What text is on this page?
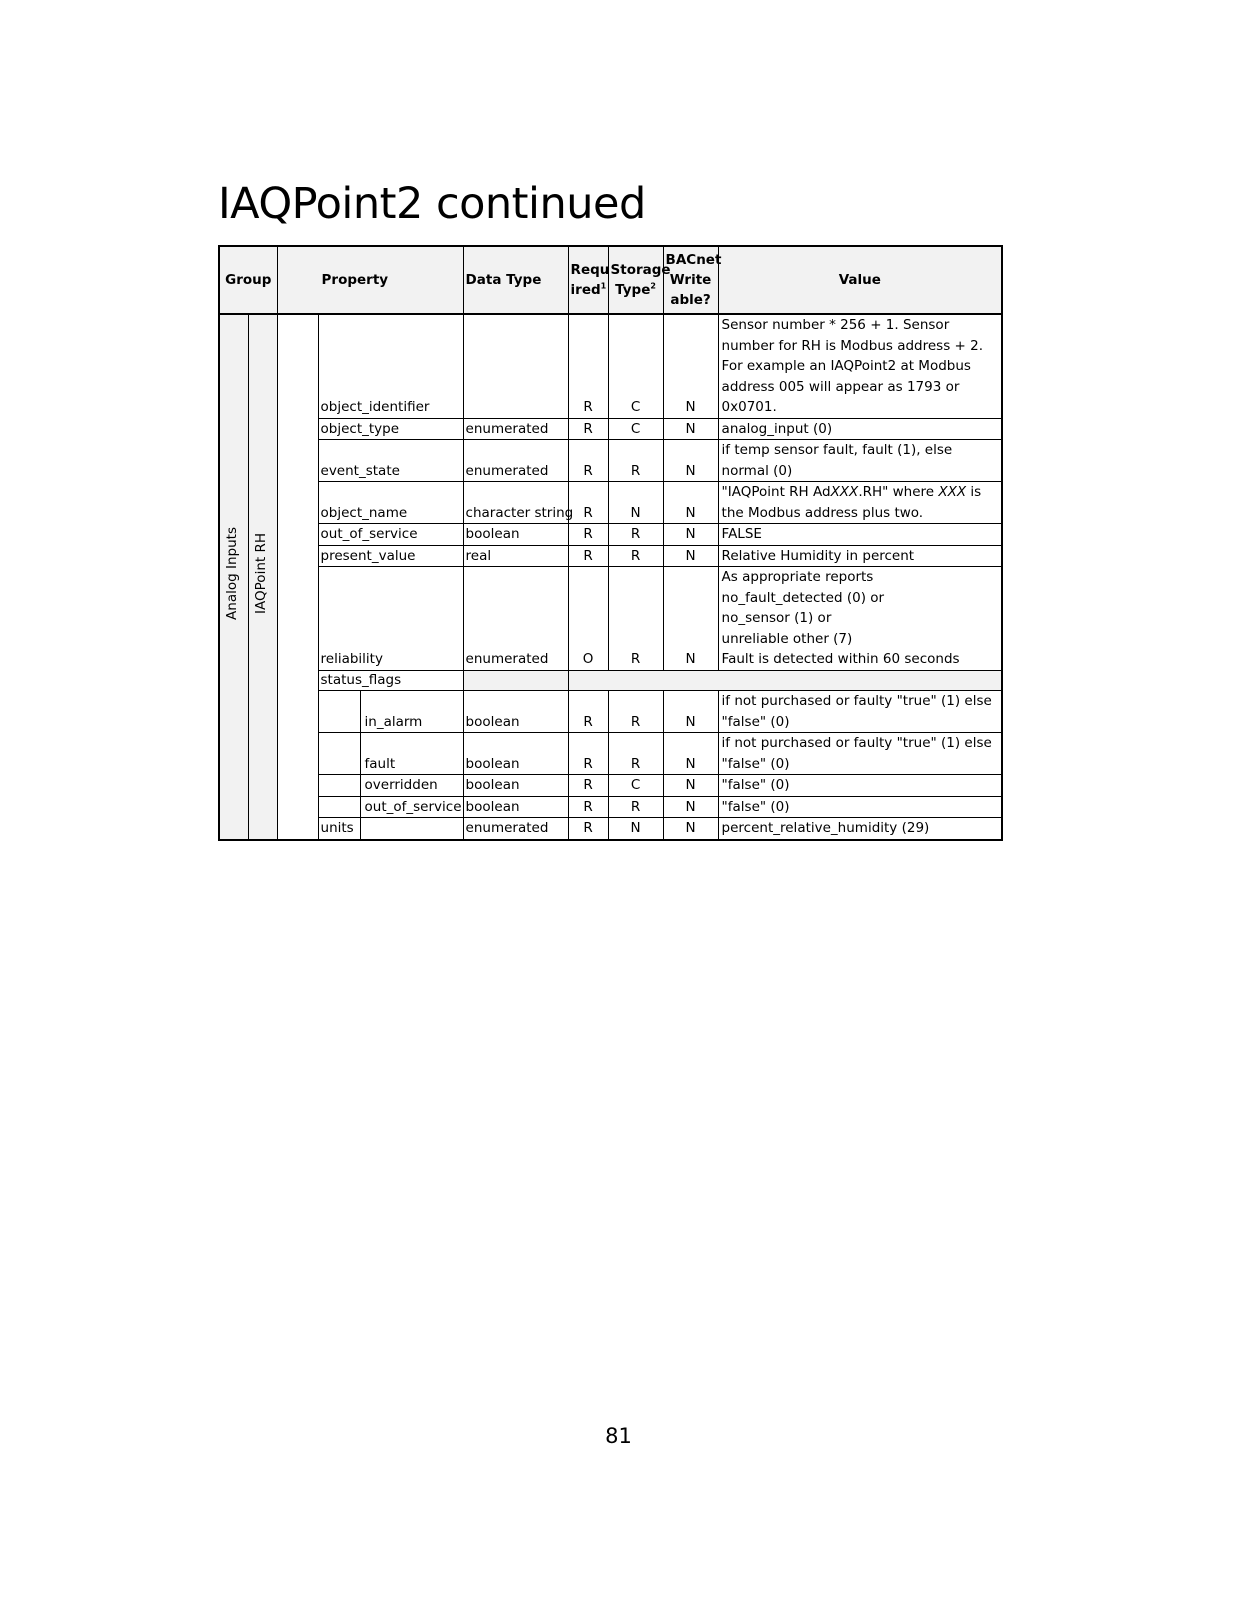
IAQPoint2 continued
Group		Property			Data Type	Requ ired$^1$	Storage Type$^2$	BACnet Write able?	Value
Analog Inputs	IAQPoint RH		object_identifier			R	C	N	Sensor number * 256 + 1. Sensor number for RH is Modbus address + 2. For example an IAQPoint2 at Modbus address 005 will appear as 1793 or 0x0701.
			object_type		enumerated	R	C	N	analog_input (0)
			event_state		enumerated	R	R	N	if temp sensor fault, fault (1), else normal (0)
			object_name		character string	R	N	N	"IAQPoint RH AdXXX.RH" where XXX is the Modbus address plus two.
			out_of_service		boolean	R	R	N	FALSE
			present_value		real	R	R	N	Relative Humidity in percent
			reliability		enumerated	O	R	N	As appropriate reports
no_fault_detected (0) or
no_sensor (1) or
unreliable other (7)
Fault is detected within 60 seconds

			status_flags						
				in_alarm	boolean	R	R	N	if not purchased or faulty "true" (1) else "false" (0)
				fault	boolean	R	R	N	if not purchased or faulty "true" (1) else "false" (0)
				overridden	boolean	R	C	N	"false" (0)
				out_of_service	boolean	R	R	N	"false" (0)
			units		enumerated	R	N	N	percent_relative_humidity (29)
81
